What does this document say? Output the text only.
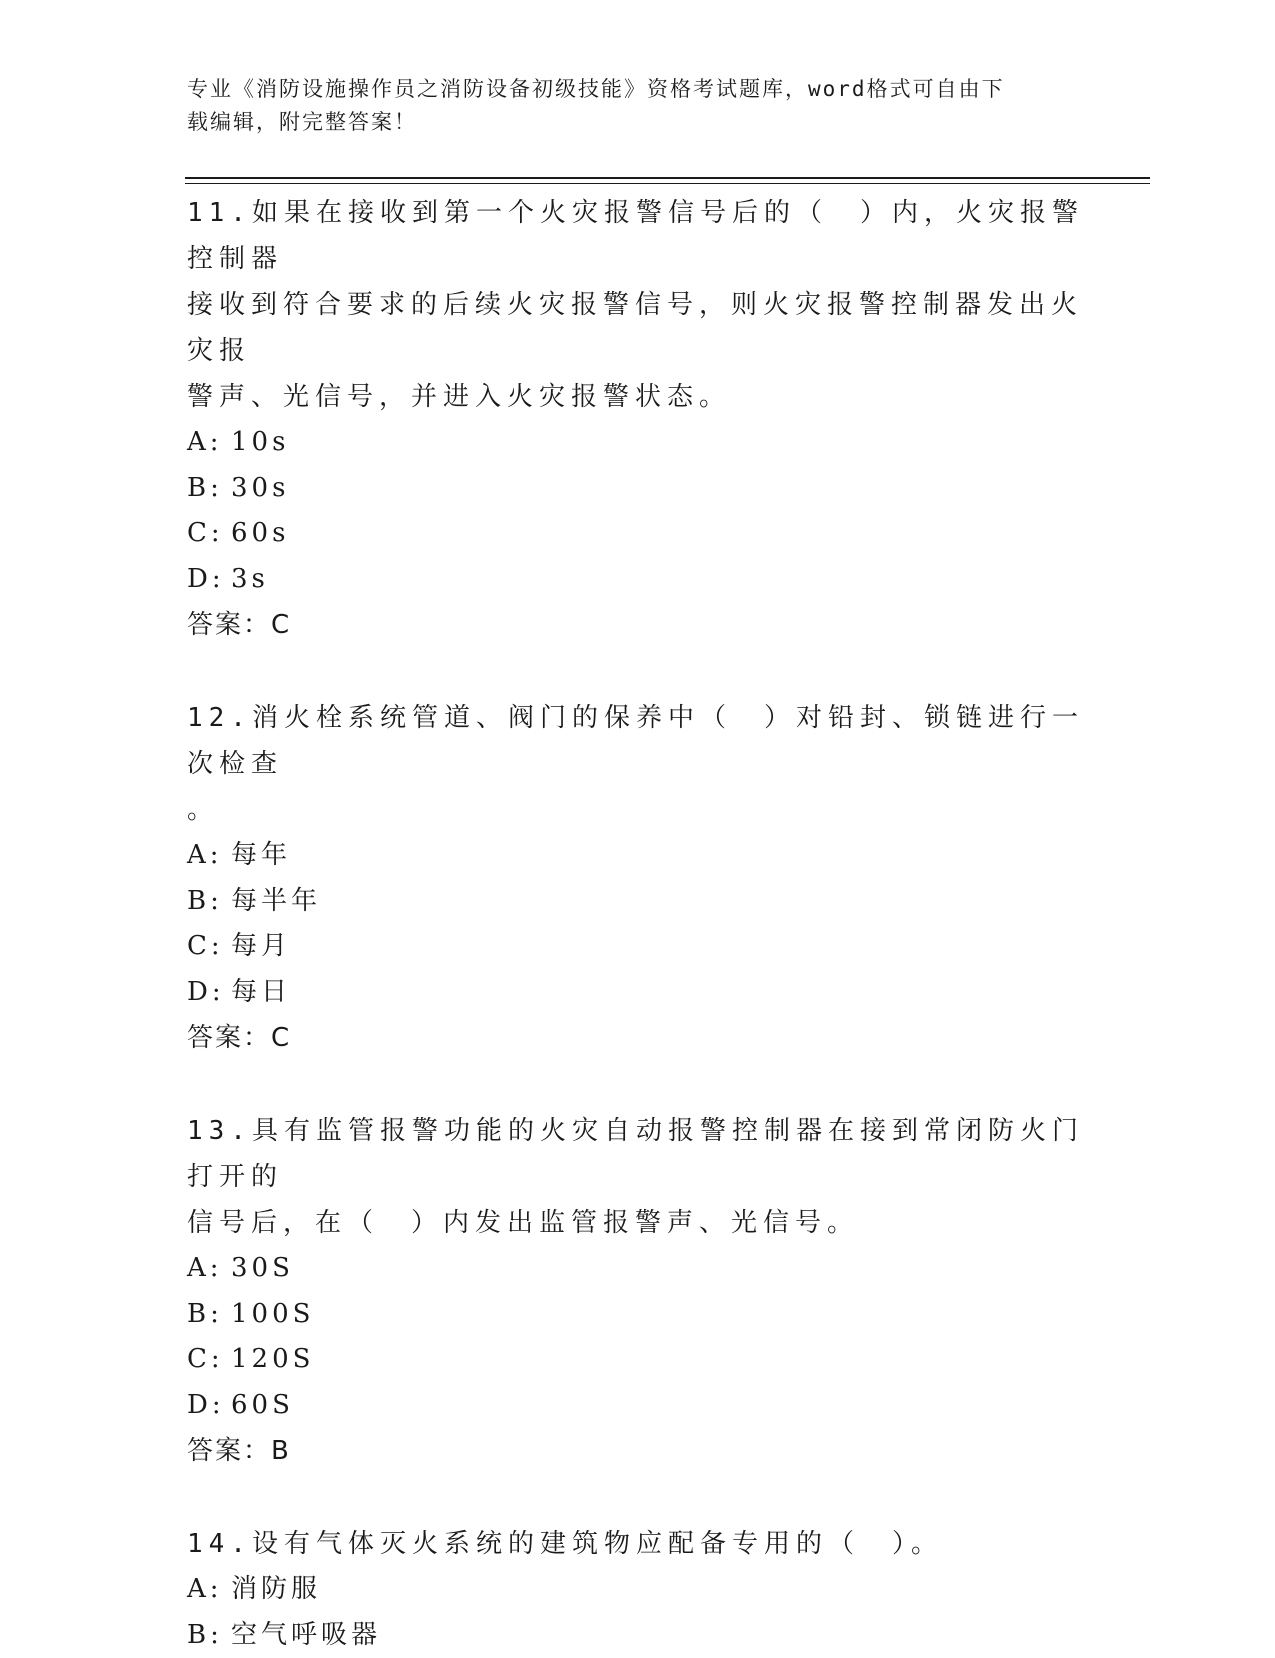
专业《消防设施操作员之消防设备初级技能》资格考试题库，word格式可自由下
载编辑，附完整答案！
11.如果在接收到第一个火灾报警信号后的（　）内，火灾报警控制器
接收到符合要求的后续火灾报警信号，则火灾报警控制器发出火灾报
警声、光信号，并进入火灾报警状态。
A: 10s
B: 30s
C: 60s
D: 3s
答案：C
12.消火栓系统管道、阀门的保养中（　）对铅封、锁链进行一次检查
。
A: 每年
B: 每半年
C: 每月
D: 每日
答案：C
13.具有监管报警功能的火灾自动报警控制器在接到常闭防火门打开的
信号后，在（　）内发出监管报警声、光信号。
A: 30S
B: 100S
C: 120S
D: 60S
答案：B
14.设有气体灭火系统的建筑物应配备专用的（　）。
A: 消防服
B: 空气呼吸器
